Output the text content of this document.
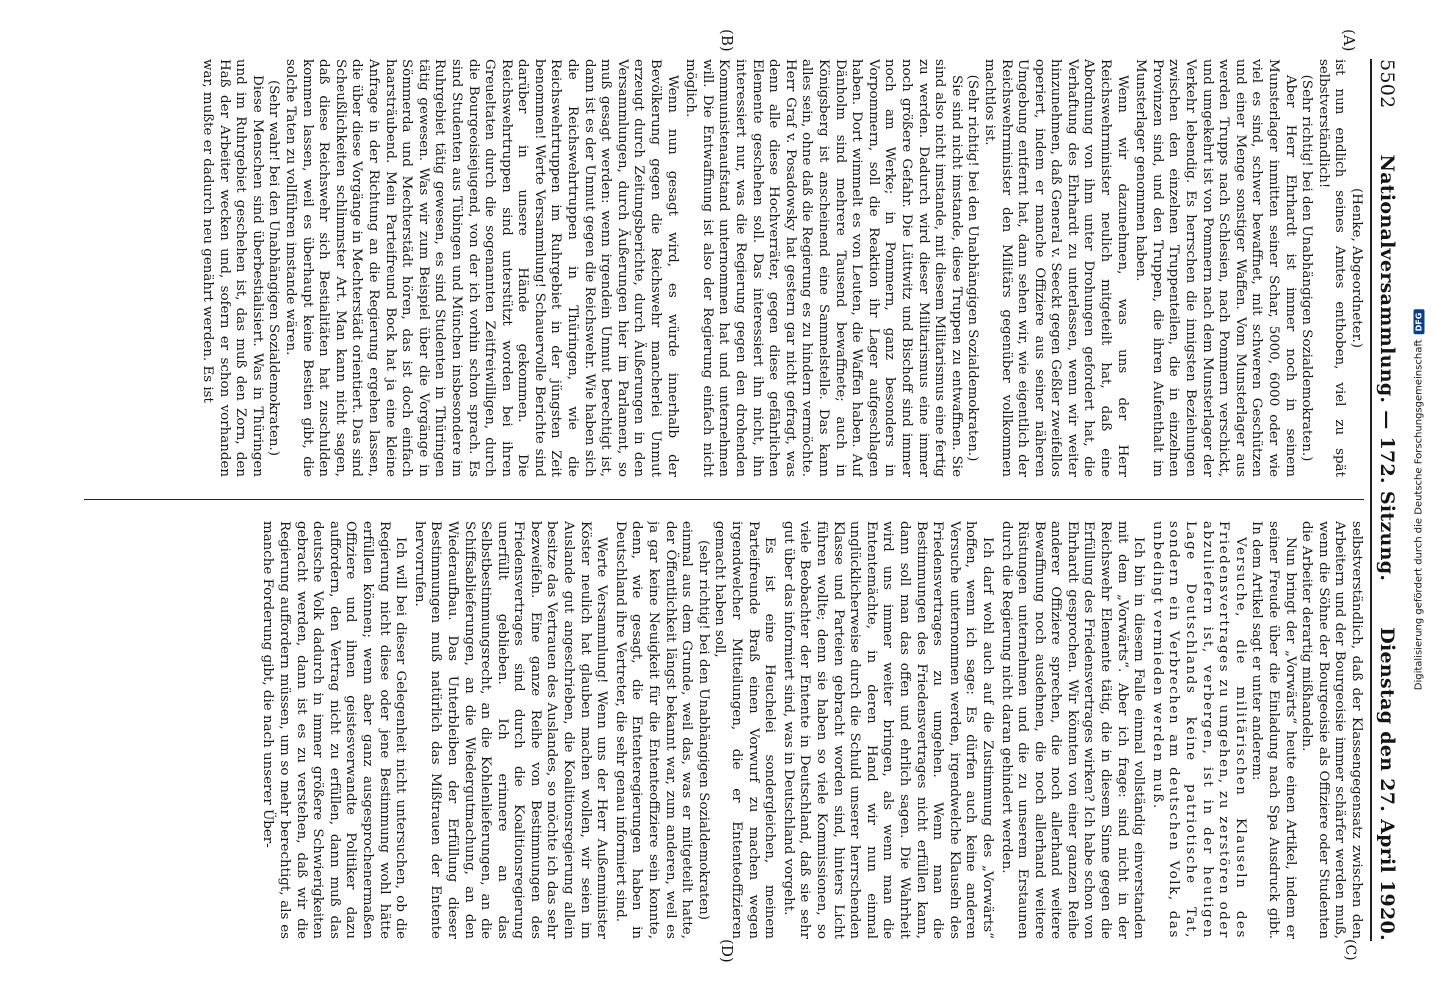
5502
Nationalversammlung. — 172. Sitzung.
Dienstag den 27. April 1920.
(A)
(B)
(C)
(D)

(Henke, Abgeordneter.)

ist nun endlich seines Amtes enthoben, viel zu spät selbstverständlich!

(Sehr richtig! bei den Unabhängigen Sozialdemokraten.)

Aber Herr Ehrhardt ist immer noch in seinem Munsterlager inmitten seiner Schar, 5000, 6000 oder wie viel es sind, schwer bewaffnet, mit schweren Geschützen und einer Menge sonstiger Waffen. Vom Munsterlager aus werden Trupps nach Schlesien, nach Pommern verschickt, und umgekehrt ist von Pommern nach dem Munsterlager der Verkehr lebendig. Es herrschen die innigsten Beziehungen zwischen den einzelnen Truppenteilen, die in einzelnen Provinzen sind, und den Truppen, die ihren Aufenthalt im Munsterlager genommen haben.

Wenn wir dazunehmen, was uns der Herr Reichswehrminister neulich mitgeteilt hat, daß eine Abordnung von ihm unter Drohungen gefordert hat, die Verhaftung des Ehrhardt zu unterlassen, wenn wir weiter hinzunehmen, daß General v. Seeckt gegen Geßler zweifellos operiert, indem er manche Offiziere aus seiner näheren Umgebung entfernt hat, dann sehen wir, wie eigentlich der Reichswehrminister den Militärs gegenüber vollkommen machtlos ist.

(Sehr richtig! bei den Unabhängigen Sozialdemokraten.)

Sie sind nicht imstande, diese Truppen zu entwaffnen. Sie sind also nicht imstande, mit diesem Militarismus eine fertig zu werden. Dadurch wird dieser Militarismus eine immer noch größere Gefahr. Die Lüttwitz und Bischoff sind immer noch am Werke; in Pommern, ganz besonders in Vorpommern, soll die Reaktion ihr Lager aufgeschlagen haben. Dort wimmelt es von Leuten, die Waffen haben. Auf Dänholm sind mehrere Tausend bewaffnete; auch in Königsberg ist anscheinend eine Sammelstelle. Das kann alles sein, ohne daß die Regierung es zu hindern vermöchte. Herr Graf v. Posadowsky hat gestern gar nicht gefragt, was denn alle diese Hochverräter, gegen diese gefährlichen Elemente geschehen soll. Das interessiert ihn nicht, ihn interessiert nur, was die Regierung gegen den drohenden Kommunistenaufstand unternommen hat und unternehmen will. Die Entwaffnung ist also der Regierung einfach nicht möglich.

Wenn nun gesagt wird, es würde innerhalb der Bevölkerung gegen die Reichswehr mancherlei Unmut erzeugt durch Zeitungsberichte, durch Äußerungen in den Versammlungen, durch Äußerungen hier im Parlament, so muß gesagt werden: wenn irgendein Unmut berechtigt ist, dann ist es der Unmut gegen die Reichswehr. Wie haben sich die Reichswehrtruppen in Thüringen, wie die Reichswehrtruppen im Ruhrgebiet in der jüngsten Zeit benommen! Werte Versammlung! Schauervolle Berichte sind darüber in unsere Hände gekommen. Die Reichswehrtruppen sind unterstützt worden bei ihren Greueltaten durch die sogenannten Zeitfreiwilligen, durch die Bourgeoisiejugend, von der ich vorhin schon sprach. Es sind Studenten aus Tübingen und München insbesondere im Ruhrgebiet tätig gewesen, es sind Studenten in Thüringen tätig gewesen. Was wir zum Beispiel über die Vorgänge in Sömmerda und Mechterstädt hören, das ist doch einfach haarsträubend. Mein Parteifreund Bock hat ja eine kleine Anfrage in der Richtung an die Regierung ergehen lassen, die über diese Vorgänge in Mechterstädt orientiert. Das sind Scheußlichkeiten schlimmster Art. Man kann nicht sagen, daß diese Reichswehr sich Bestialitäten hat zuschulden kommen lassen, weil es überhaupt keine Bestien gibt, die solche Taten zu vollführen imstande wären.

(Sehr wahr! bei den Unabhängigen Sozialdemokraten.)

Diese Menschen sind überbestialisiert. Was in Thüringen und im Ruhrgebiet geschehen ist, das muß den Zorn, den Haß der Arbeiter wecken und, sofern er schon vorhanden war, mußte er dadurch neu genährt werden. Es ist

selbstverständlich, daß der Klassengegensatz zwischen den Arbeitern und der Bourgeoisie immer schärfer werden muß, wenn die Söhne der Bourgeoisie als Offiziere oder Studenten die Arbeiter derartig mißhandeln.

Nun bringt der „Vorwärts“ heute einen Artikel, indem er seiner Freude über die Einladung nach Spa Ausdruck gibt. In dem Artikel sagt er unter anderem:

Versuche, die militärischen Klauseln des Friedensvertrages zu umgehen, zu zerstören oder abzuliefern ist, verbergen, ist in der heutigen Lage Deutschlands keine patriotische Tat, sondern ein Verbrechen am deutschen Volk, das unbedingt vermieden werden muß.

Ich bin in diesem Falle einmal vollständig einverstanden mit dem „Vorwärts“. Aber ich frage: sind nicht in der Reichswehr Elemente tätig, die in diesem Sinne gegen die Erfüllung des Friedensvertrages wirken? Ich habe schon von Ehrhardt gesprochen. Wir könnten von einer ganzen Reihe anderer Offiziere sprechen, die noch allerhand weitere Bewaffnung noch ausdehnen, die noch allerhand weitere Rüstungen unternehmen und die zu unserem Erstaunen durch die Regierung nicht daran gehindert werden.

Ich darf wohl auch auf die Zustimmung des „Vorwärts“ hoffen, wenn ich sage: Es dürfen auch keine anderen Versuche unternommen werden, irgendwelche Klauseln des Friedensvertrages zu umgehen. Wenn man die Bestimmungen des Friedensvertrages nicht erfüllen kann, dann soll man das offen und ehrlich sagen. Die Wahrheit wird uns immer weiter bringen, als wenn man die Ententemächte, in deren Hand wir nun einmal unglücklicherweise durch die Schuld unserer herrschenden Klasse und Parteien gebracht worden sind, hinters Licht führen wollte; denn sie haben so viele Kommissionen, so viele Beobachter der Entente in Deutschland, daß sie sehr gut über das informiert sind, was in Deutschland vorgeht.

Es ist eine Heuchelei sondergleichen, meinem Parteifreunde Braß einen Vorwurf zu machen wegen irgendwelcher Mitteilungen, die er Ententeoffizieren gemacht haben soll,

(sehr richtig! bei den Unabhängigen Sozialdemokraten)

einmal aus dem Grunde, weil das, was er mitgeteilt hatte, der Öffentlichkeit längst bekannt war, zum anderen, weil es ja gar keine Neuigkeit für die Ententeoffiziere sein konnte, denn, wie gesagt, die Ententeregierungen haben in Deutschland ihre Vertreter, die sehr genau informiert sind.

Werte Versammlung! Wenn uns der Herr Außenminister Köster neulich hat glauben machen wollen, wir seien im Auslande gut angeschrieben, die Koalitionsregierung allein besitze das Vertrauen des Auslandes, so möchte ich das sehr bezweifeln. Eine ganze Reihe von Bestimmungen des Friedensvertrages sind durch die Koalitionsregierung unerfüllt geblieben. Ich erinnere an das Selbstbestimmungsrecht, an die Kohlenlieferungen, an die Schiffsablieferungen, an die Wiedergutmachung, an den Wiederaufbau. Das Unterbleiben der Erfüllung dieser Bestimmungen muß natürlich das Mißtrauen der Entente hervorrufen.

Ich will bei dieser Gelegenheit nicht untersuchen, ob die Regierung nicht diese oder jene Bestimmung wohl hätte erfüllen können; wenn aber ganz ausgesprochenermaßen Offiziere und ihnen geistesverwandte Politiker dazu auffordern, den Vertrag nicht zu erfüllen, dann muß das deutsche Volk dadurch in immer größere Schwierigkeiten gebracht werden, dann ist es zu verstehen, daß wir die Regierung auffordern müssen, um so mehr berechtigt, als es manche Forderung gibt, die nach unserer Über-	Digitalisierung gefördert durch die Deutsche Forschungsgemeinschaft
DFG
